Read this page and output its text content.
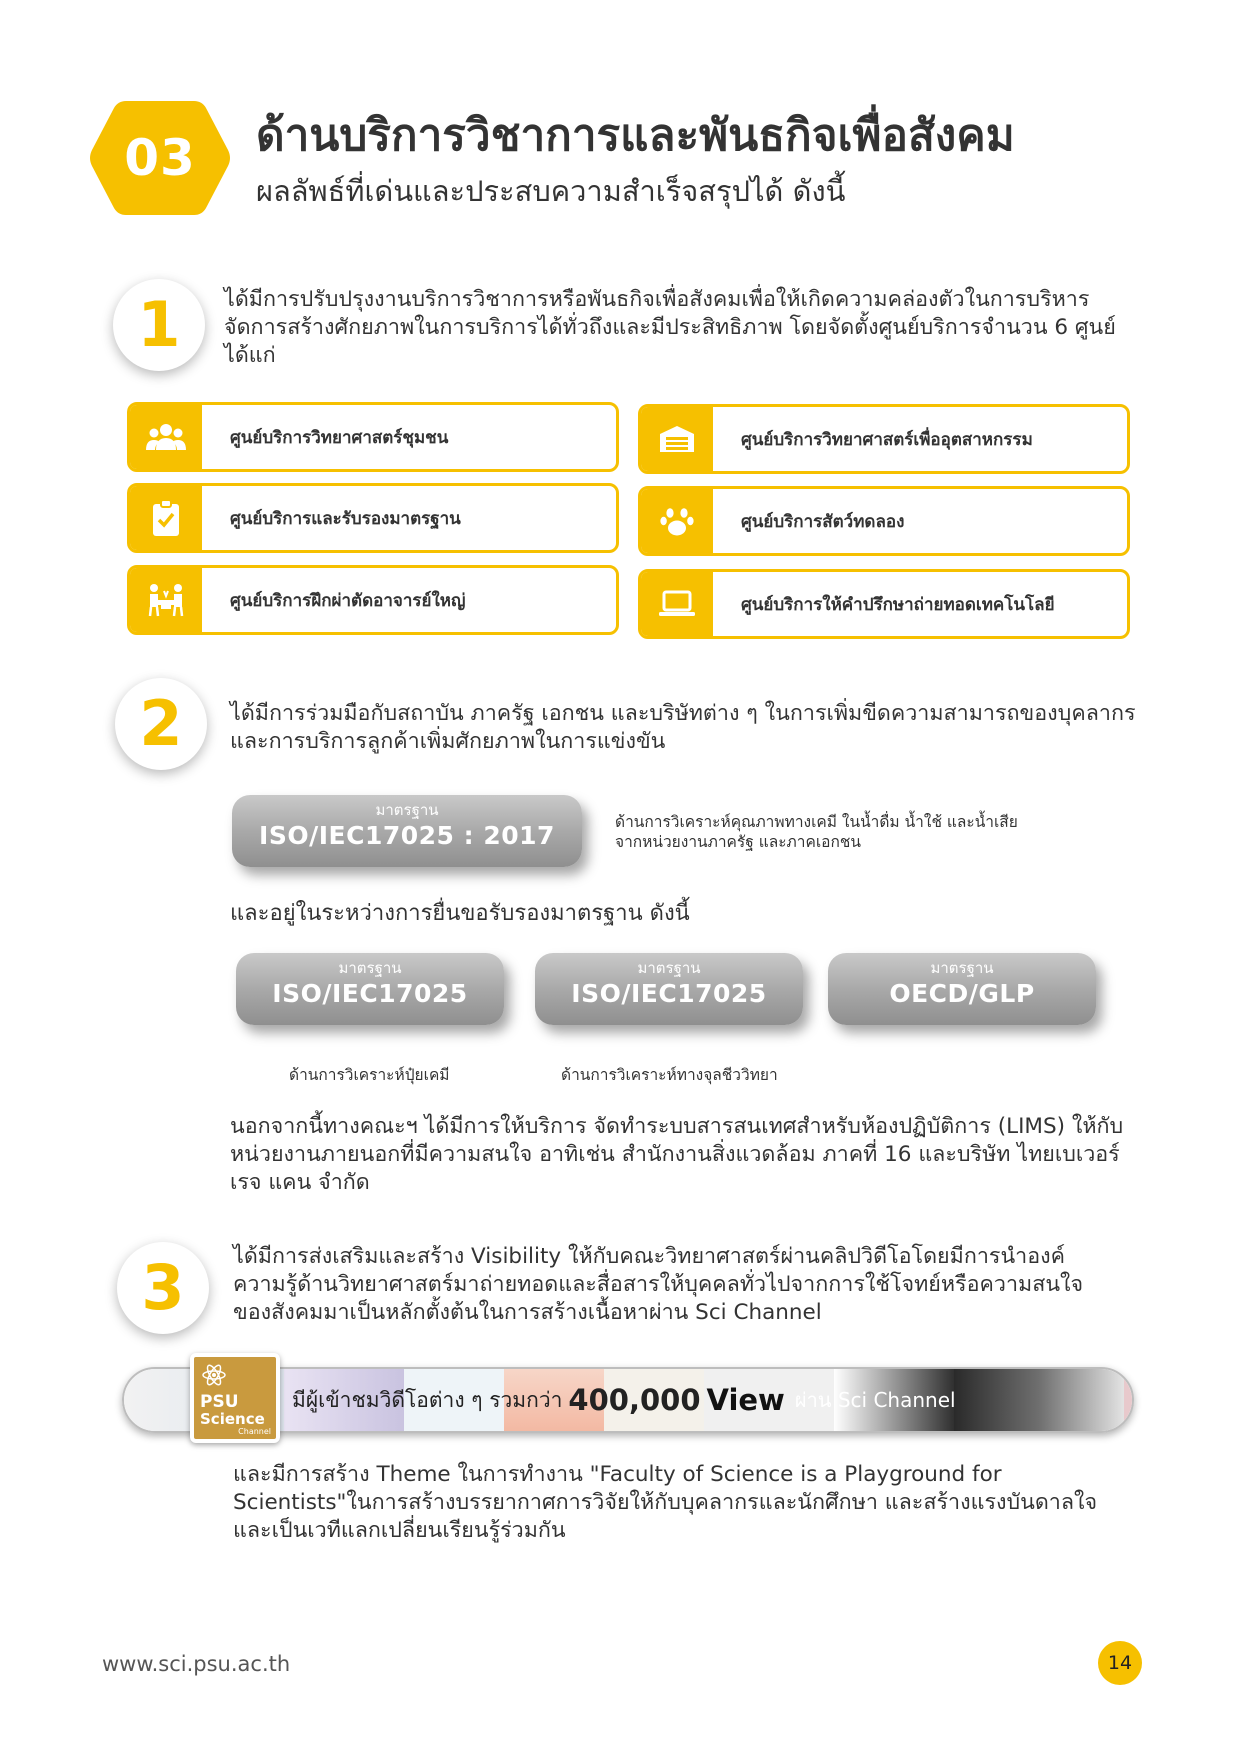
03	ด้านบริการวิชาการและพันธกิจเพื่อสังคม
ผลลัพธ์ที่เด่นและประสบความสำเร็จสรุปได้ ดังนี้
1	ได้มีการปรับปรุงงานบริการวิชาการหรือพันธกิจเพื่อสังคมเพื่อให้เกิดความคล่องตัวในการบริหารจัดการสร้างศักยภาพในการบริการได้ทั่วถึงและมีประสิทธิภาพ โดยจัดตั้งศูนย์บริการจำนวน 6 ศูนย์ได้แก่
ศูนย์บริการวิทยาศาสตร์ชุมชน	ศูนย์บริการวิทยาศาสตร์เพื่ออุตสาหกรรม
ศูนย์บริการและรับรองมาตรฐาน	ศูนย์บริการสัตว์ทดลอง
ศูนย์บริการฝึกผ่าตัดอาจารย์ใหญ่	ศูนย์บริการให้คำปรึกษาถ่ายทอดเทคโนโลยี
2	ได้มีการร่วมมือกับสถาบัน ภาครัฐ เอกชน และบริษัทต่าง ๆ ในการเพิ่มขีดความสามารถของบุคลากรและการบริการลูกค้าเพิ่มศักยภาพในการแข่งขัน
มาตรฐาน
ISO/IEC17025 : 2017	ด้านการวิเคราะห์คุณภาพทางเคมี ในน้ำดื่ม น้ำใช้ และน้ำเสีย
จากหน่วยงานภาครัฐ และภาคเอกชน
และอยู่ในระหว่างการยื่นขอรับรองมาตรฐาน ดังนี้
มาตรฐาน
ISO/IEC17025
มาตรฐาน
ISO/IEC17025
มาตรฐาน
OECD/GLP
ด้านการวิเคราะห์ปุ๋ยเคมี	ด้านการวิเคราะห์ทางจุลชีววิทยา
นอกจากนี้ทางคณะฯ ได้มีการให้บริการ จัดทำระบบสารสนเทศสำหรับห้องปฏิบัติการ (LIMS) ให้กับหน่วยงานภายนอกที่มีความสนใจ อาทิเช่น สำนักงานสิ่งแวดล้อม ภาคที่ 16 และบริษัท ไทยเบเวอร์เรจ แคน จำกัด
3	ได้มีการส่งเสริมและสร้าง Visibility ให้กับคณะวิทยาศาสตร์ผ่านคลิปวิดีโอโดยมีการนำองค์ความรู้ด้านวิทยาศาสตร์มาถ่ายทอดและสื่อสารให้บุคคลทั่วไปจากการใช้โจทย์หรือความสนใจของสังคมมาเป็นหลักตั้งต้นในการสร้างเนื้อหาผ่าน Sci Channel
มีผู้เข้าชมวิดีโอต่าง ๆ รวมกว่า 400,000 View ผ่าน Sci Channel
PSU
Science
Channel
และมีการสร้าง Theme ในการทำงาน "Faculty of Science is a Playground for Scientists"ในการสร้างบรรยากาศการวิจัยให้กับบุคลากรและนักศึกษา และสร้างแรงบันดาลใจและเป็นเวทีแลกเปลี่ยนเรียนรู้ร่วมกัน
www.sci.psu.ac.th	14
